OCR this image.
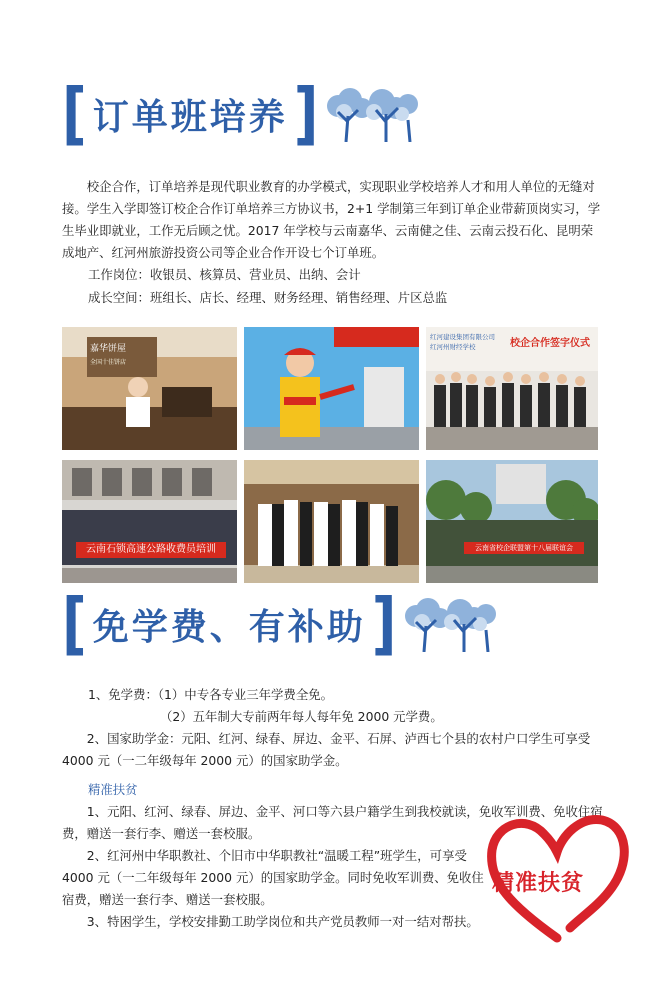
[ 订单班培养 ]
校企合作，订单培养是现代职业教育的办学模式，实现职业学校培养人才和用人单位的无缝对接。学生入学即签订校企合作订单培养三方协议书，2+1 学制第三年到订单企业带薪顶岗实习，学生毕业即就业，工作无后顾之忧。2017 年学校与云南嘉华、云南健之佳、云南云投石化、昆明荣成地产、红河州旅游投资公司等企业合作开设七个订单班。
工作岗位：收银员、核算员、营业员、出纳、会计
成长空间：班组长、店长、经理、财务经理、销售经理、片区总监
嘉华饼屋
全国十佳饼店
红河建设集团有限公司
红河州财经学校	校企合作签字仪式
云南石锁高速公路收费员培训	云南省校企联盟第十八届联谊会
[ 免学费、有补助 ]
1、免学费：（1）中专各专业三年学费全免。
（2）五年制大专前两年每人每年免 2000 元学费。
2、国家助学金：元阳、红河、绿春、屏边、金平、石屏、泸西七个县的农村户口学生可享受 4000 元（一二年级每年 2000 元）的国家助学金。
精准扶贫
1、元阳、红河、绿春、屏边、金平、河口等六县户籍学生到我校就读，免收军训费、免收住宿费，赠送一套行李、赠送一套校服。
2、红河州中华职教社、个旧市中华职教社“温暖工程”班学生，可享受 4000 元（一二年级每年 2000 元）的国家助学金。同时免收军训费、免收住宿费，赠送一套行李、赠送一套校服。
3、特困学生，学校安排勤工助学岗位和共产党员教师一对一结对帮扶。
精准扶贫
